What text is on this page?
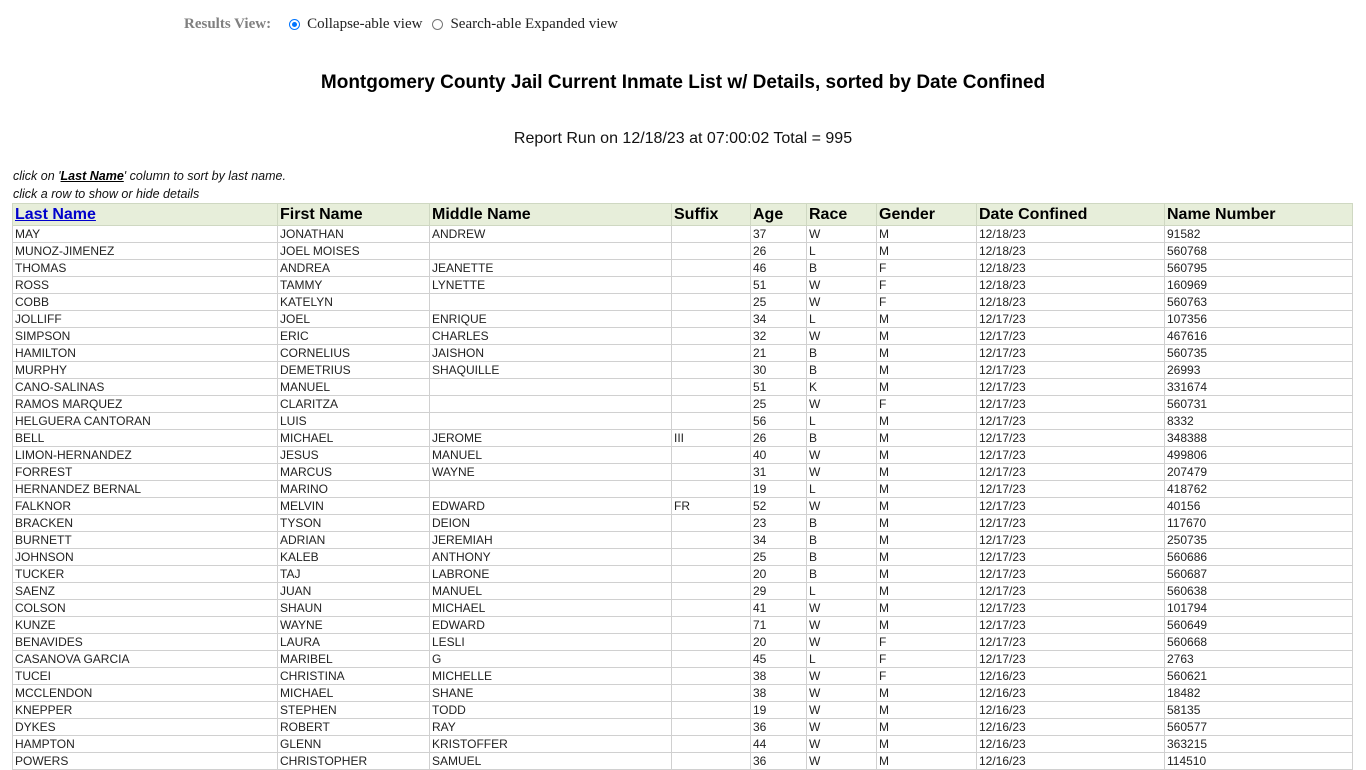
Results View: Collapse-able view Search-able Expanded view
Montgomery County Jail Current Inmate List w/ Details, sorted by Date Confined
Report Run on 12/18/23 at 07:00:02 Total = 995
click on 'Last Name' column to sort by last name.
click a row to show or hide details
Last Name	First Name	Middle Name	Suffix	Age	Race	Gender	Date Confined	Name Number
MAY	JONATHAN	ANDREW		37	W	M	12/18/23	91582
MUNOZ-JIMENEZ	JOEL MOISES			26	L	M	12/18/23	560768
THOMAS	ANDREA	JEANETTE		46	B	F	12/18/23	560795
ROSS	TAMMY	LYNETTE		51	W	F	12/18/23	160969
COBB	KATELYN			25	W	F	12/18/23	560763
JOLLIFF	JOEL	ENRIQUE		34	L	M	12/17/23	107356
SIMPSON	ERIC	CHARLES		32	W	M	12/17/23	467616
HAMILTON	CORNELIUS	JAISHON		21	B	M	12/17/23	560735
MURPHY	DEMETRIUS	SHAQUILLE		30	B	M	12/17/23	26993
CANO-SALINAS	MANUEL			51	K	M	12/17/23	331674
RAMOS MARQUEZ	CLARITZA			25	W	F	12/17/23	560731
HELGUERA CANTORAN	LUIS			56	L	M	12/17/23	8332
BELL	MICHAEL	JEROME	III	26	B	M	12/17/23	348388
LIMON-HERNANDEZ	JESUS	MANUEL		40	W	M	12/17/23	499806
FORREST	MARCUS	WAYNE		31	W	M	12/17/23	207479
HERNANDEZ BERNAL	MARINO			19	L	M	12/17/23	418762
FALKNOR	MELVIN	EDWARD	FR	52	W	M	12/17/23	40156
BRACKEN	TYSON	DEION		23	B	M	12/17/23	117670
BURNETT	ADRIAN	JEREMIAH		34	B	M	12/17/23	250735
JOHNSON	KALEB	ANTHONY		25	B	M	12/17/23	560686
TUCKER	TAJ	LABRONE		20	B	M	12/17/23	560687
SAENZ	JUAN	MANUEL		29	L	M	12/17/23	560638
COLSON	SHAUN	MICHAEL		41	W	M	12/17/23	101794
KUNZE	WAYNE	EDWARD		71	W	M	12/17/23	560649
BENAVIDES	LAURA	LESLI		20	W	F	12/17/23	560668
CASANOVA GARCIA	MARIBEL	G		45	L	F	12/17/23	2763
TUCEI	CHRISTINA	MICHELLE		38	W	F	12/16/23	560621
MCCLENDON	MICHAEL	SHANE		38	W	M	12/16/23	18482
KNEPPER	STEPHEN	TODD		19	W	M	12/16/23	58135
DYKES	ROBERT	RAY		36	W	M	12/16/23	560577
HAMPTON	GLENN	KRISTOFFER		44	W	M	12/16/23	363215
POWERS	CHRISTOPHER	SAMUEL		36	W	M	12/16/23	114510
